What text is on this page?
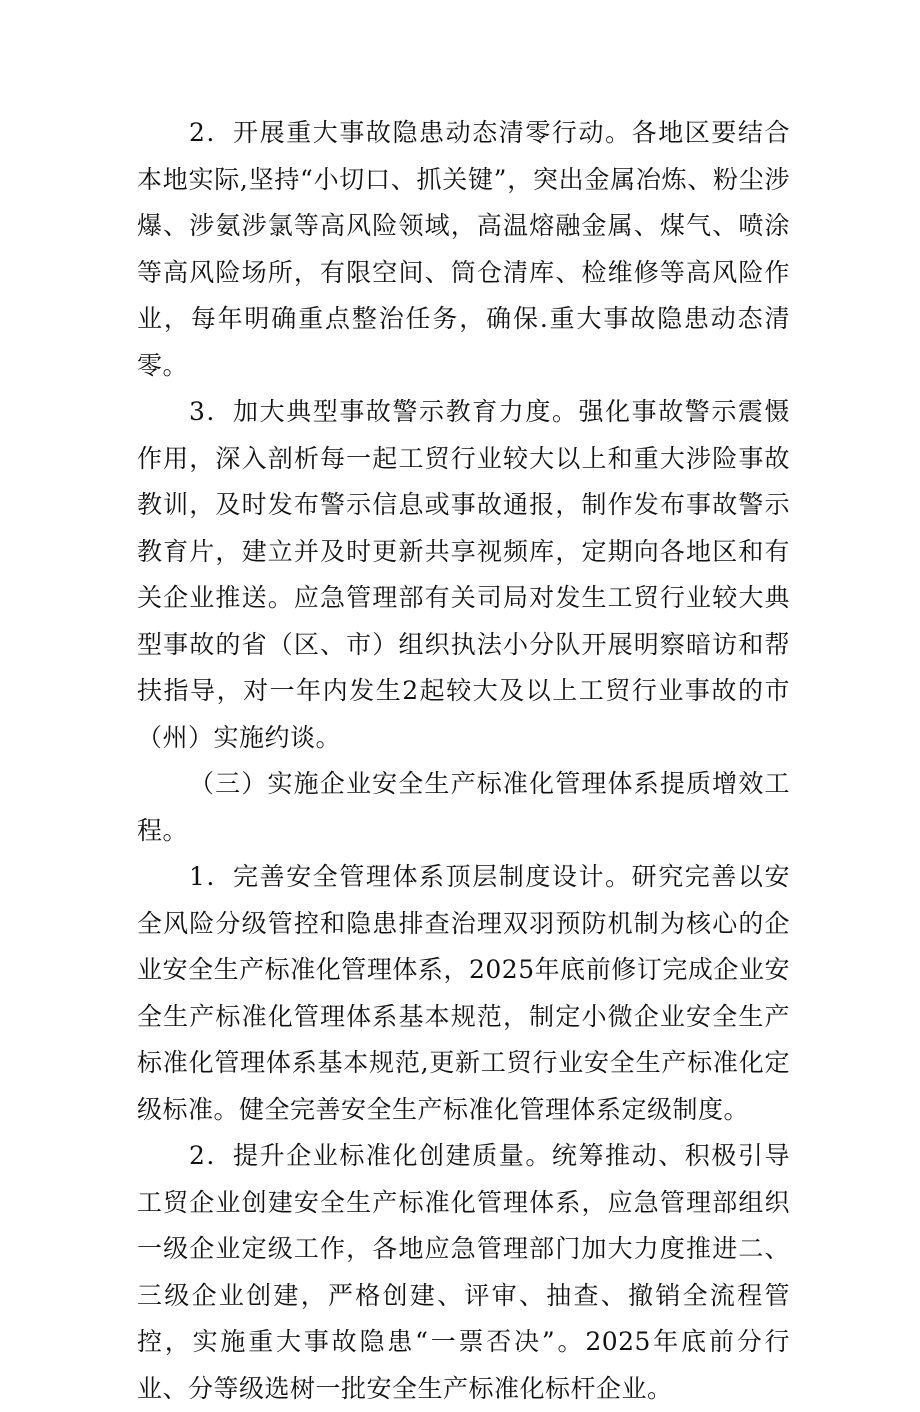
2．开展重大事故隐患动态清零行动。各地区要结合本地实际,坚持“小切口、抓关键”，突出金属冶炼、粉尘涉爆、涉氨涉氯等高风险领域，高温熔融金属、煤气、喷涂等高风险场所，有限空间、筒仓清库、检维修等高风险作业，每年明确重点整治任务，确保.重大事故隐患动态清零。

3．加大典型事故警示教育力度。强化事故警示震慑作用，深入剖析每一起工贸行业较大以上和重大涉险事故教训，及时发布警示信息或事故通报，制作发布事故警示教育片，建立并及时更新共享视频库，定期向各地区和有关企业推送。应急管理部有关司局对发生工贸行业较大典型事故的省（区、市）组织执法小分队开展明察暗访和帮扶指导，对一年内发生2起较大及以上工贸行业事故的市（州）实施约谈。

（三）实施企业安全生产标准化管理体系提质增效工程。

1．完善安全管理体系顶层制度设计。研究完善以安全风险分级管控和隐患排查治理双羽预防机制为核心的企业安全生产标准化管理体系，2025年底前修订完成企业安全生产标准化管理体系基本规范，制定小微企业安全生产标准化管理体系基本规范,更新工贸行业安全生产标准化定级标准。健全完善安全生产标准化管理体系定级制度。

2．提升企业标准化创建质量。统筹推动、积极引导工贸企业创建安全生产标准化管理体系，应急管理部组织一级企业定级工作，各地应急管理部门加大力度推进二、三级企业创建，严格创建、评审、抽查、撤销全流程管控，实施重大事故隐患“一票否决”。2025年底前分行业、分等级选树一批安全生产标准化标杆企业。
